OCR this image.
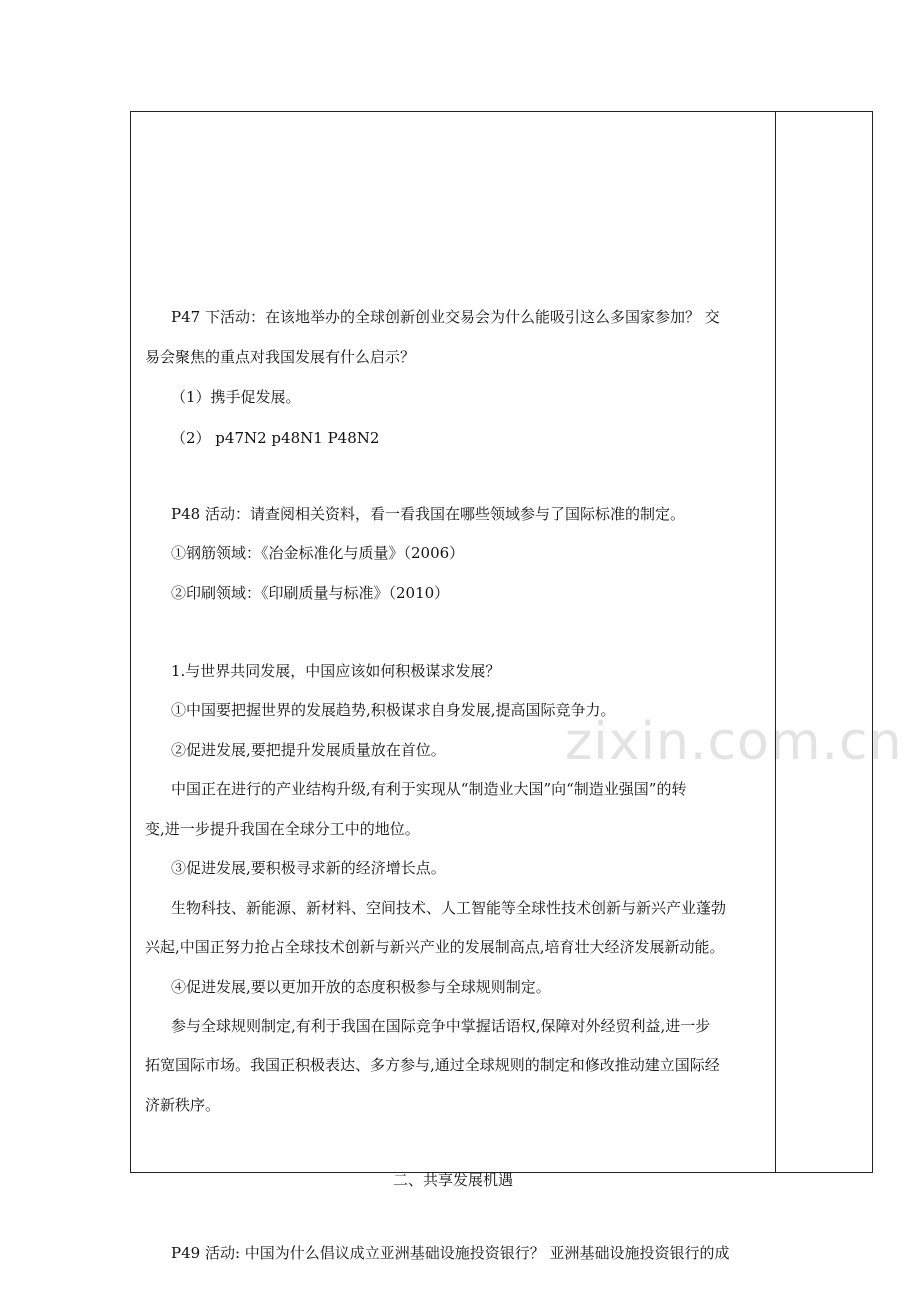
zixin.com.cn
P47 下活动：在该地举办的全球创新创业交易会为什么能吸引这么多国家参加？ 交
易会聚焦的重点对我国发展有什么启示？
（1）携手促发展。
（2） p47N2 p48N1 P48N2
P48 活动：请查阅相关资料，看一看我国在哪些领域参与了国际标准的制定。
①钢筋领域：《冶金标准化与质量》（2006）
②印刷领域：《印刷质量与标准》（2010）
1.与世界共同发展，中国应该如何积极谋求发展？
①中国要把握世界的发展趋势,积极谋求自身发展,提高国际竞争力。
②促进发展,要把提升发展质量放在首位。
中国正在进行的产业结构升级,有利于实现从“制造业大国”向“制造业强国”的转
变,进一步提升我国在全球分工中的地位。
③促进发展,要积极寻求新的经济增长点。
生物科技、新能源、新材料、空间技术、人工智能等全球性技术创新与新兴产业蓬勃
兴起,中国正努力抢占全球技术创新与新兴产业的发展制高点,培育壮大经济发展新动能。
④促进发展,要以更加开放的态度积极参与全球规则制定。
参与全球规则制定,有利于我国在国际竞争中掌握话语权,保障对外经贸利益,进一步
拓宽国际市场。我国正积极表达、多方参与,通过全球规则的制定和修改推动建立国际经
济新秩序。
二、共享发展机遇
P49 活动: 中国为什么倡议成立亚洲基础设施投资银行？ 亚洲基础设施投资银行的成
